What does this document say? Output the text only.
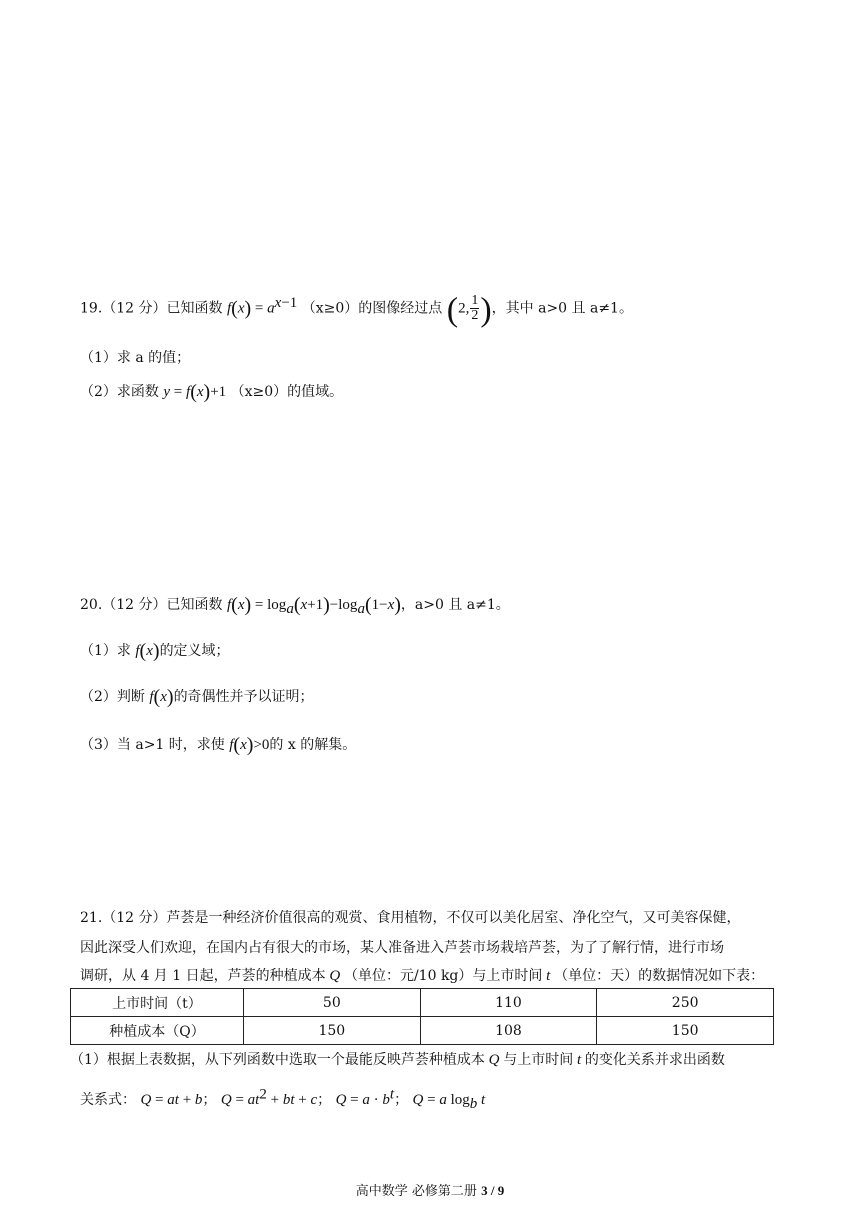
19.（12 分）已知函数 $f(x) = a^{x-1}$ （x≥0）的图像经过点 (2, $\frac{1}{2}$ )，其中 a>0 且 a≠1。
（1）求 a 的值；
（2）求函数 y = f(x)+1 （x≥0）的值域。
20.（12 分）已知函数 $f(x) = \log_a(x+1)-\log_a(1-x)$，a>0 且 a≠1。
（1）求 f(x)的定义域；
（2）判断 f(x)的奇偶性并予以证明；
（3）当 a>1 时，求使 f(x)>0的 x 的解集。
21.（12 分）芦荟是一种经济价值很高的观赏、食用植物，不仅可以美化居室、净化空气，又可美容保健，
因此深受人们欢迎，在国内占有很大的市场，某人准备进入芦荟市场栽培芦荟，为了了解行情，进行市场
调研，从 4 月 1 日起，芦荟的种植成本 Q （单位：元/10 kg）与上市时间 t （单位：天）的数据情况如下表：
上市时间（t）	50	110	250
种植成本（Q）	150	108	150
（1）根据上表数据，从下列函数中选取一个最能反映芦荟种植成本 Q 与上市时间 t 的变化关系并求出函数
关系式： Q = at + b； $Q = at^2$ + bt + c； $Q = a \cdot b^t$； Q = a $\log_b t$
高中数学 必修第二册 3 / 9
